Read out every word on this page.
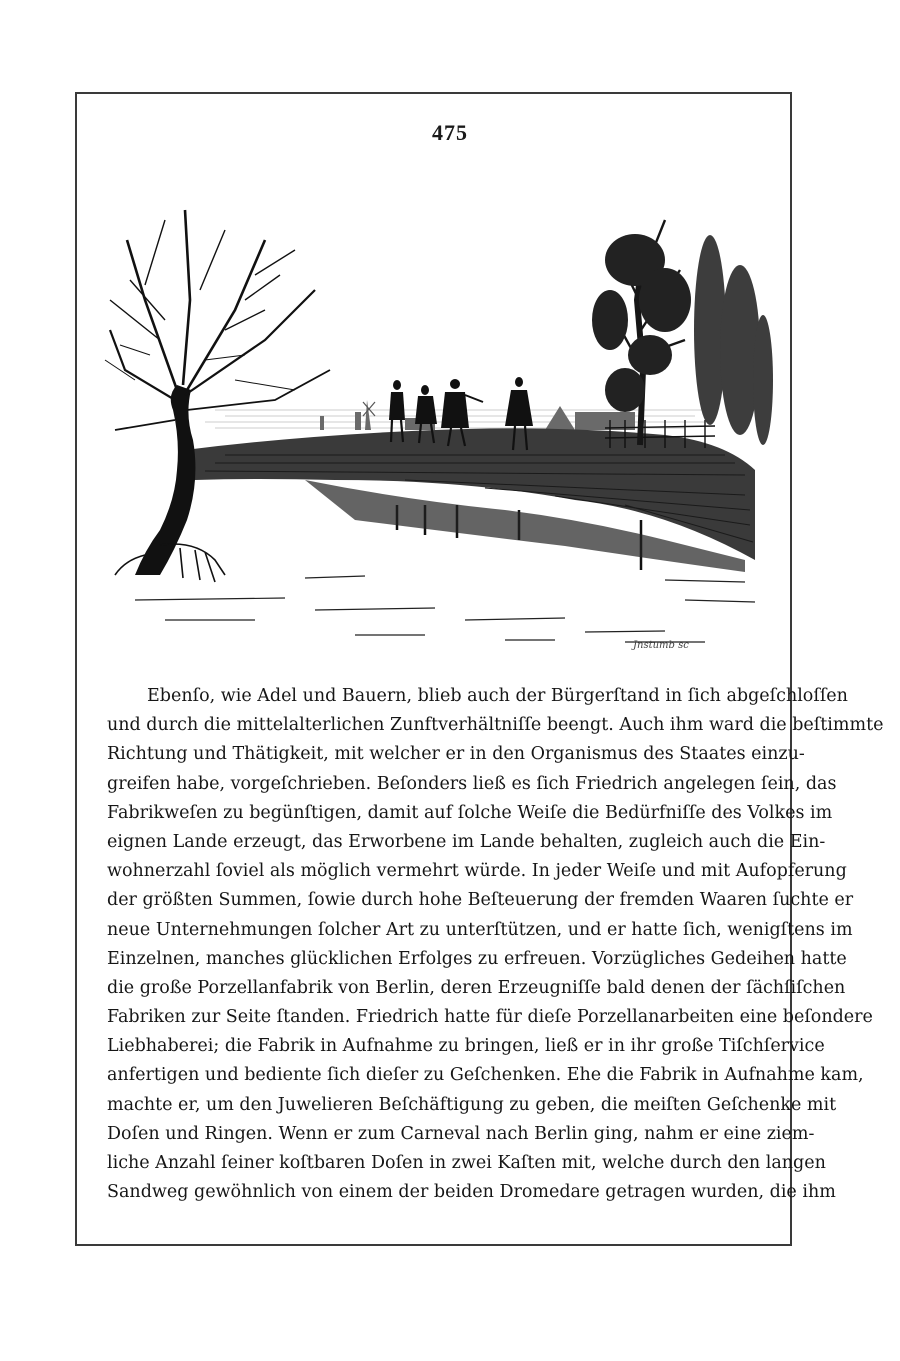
475
Jnstumb sc
Ebenſo, wie Adel und Bauern, blieb auch der Bürgerſtand in ſich abgeſchloſſen
und durch die mittelalterlichen Zunftverhältniſſe beengt. Auch ihm ward die beſtimmte
Richtung und Thätigkeit, mit welcher er in den Organismus des Staates einzu-
greifen habe, vorgeſchrieben. Beſonders ließ es ſich Friedrich angelegen ſein, das
Fabrikweſen zu begünſtigen, damit auf ſolche Weiſe die Bedürfniſſe des Volkes im
eignen Lande erzeugt, das Erworbene im Lande behalten, zugleich auch die Ein-
wohnerzahl ſoviel als möglich vermehrt würde. In jeder Weiſe und mit Aufopferung
der größten Summen, ſowie durch hohe Beſteuerung der fremden Waaren ſuchte er
neue Unternehmungen ſolcher Art zu unterſtützen, und er hatte ſich, wenigſtens im
Einzelnen, manches glücklichen Erfolges zu erfreuen. Vorzügliches Gedeihen hatte
die große Porzellanfabrik von Berlin, deren Erzeugniſſe bald denen der ſächſiſchen
Fabriken zur Seite ſtanden. Friedrich hatte für dieſe Porzellanarbeiten eine beſondere
Liebhaberei; die Fabrik in Aufnahme zu bringen, ließ er in ihr große Tiſchſervice
anfertigen und bediente ſich dieſer zu Geſchenken. Ehe die Fabrik in Aufnahme kam,
machte er, um den Juwelieren Beſchäftigung zu geben, die meiſten Geſchenke mit
Doſen und Ringen. Wenn er zum Carneval nach Berlin ging, nahm er eine ziem-
liche Anzahl ſeiner koſtbaren Doſen in zwei Kaſten mit, welche durch den langen
Sandweg gewöhnlich von einem der beiden Dromedare getragen wurden, die ihm
